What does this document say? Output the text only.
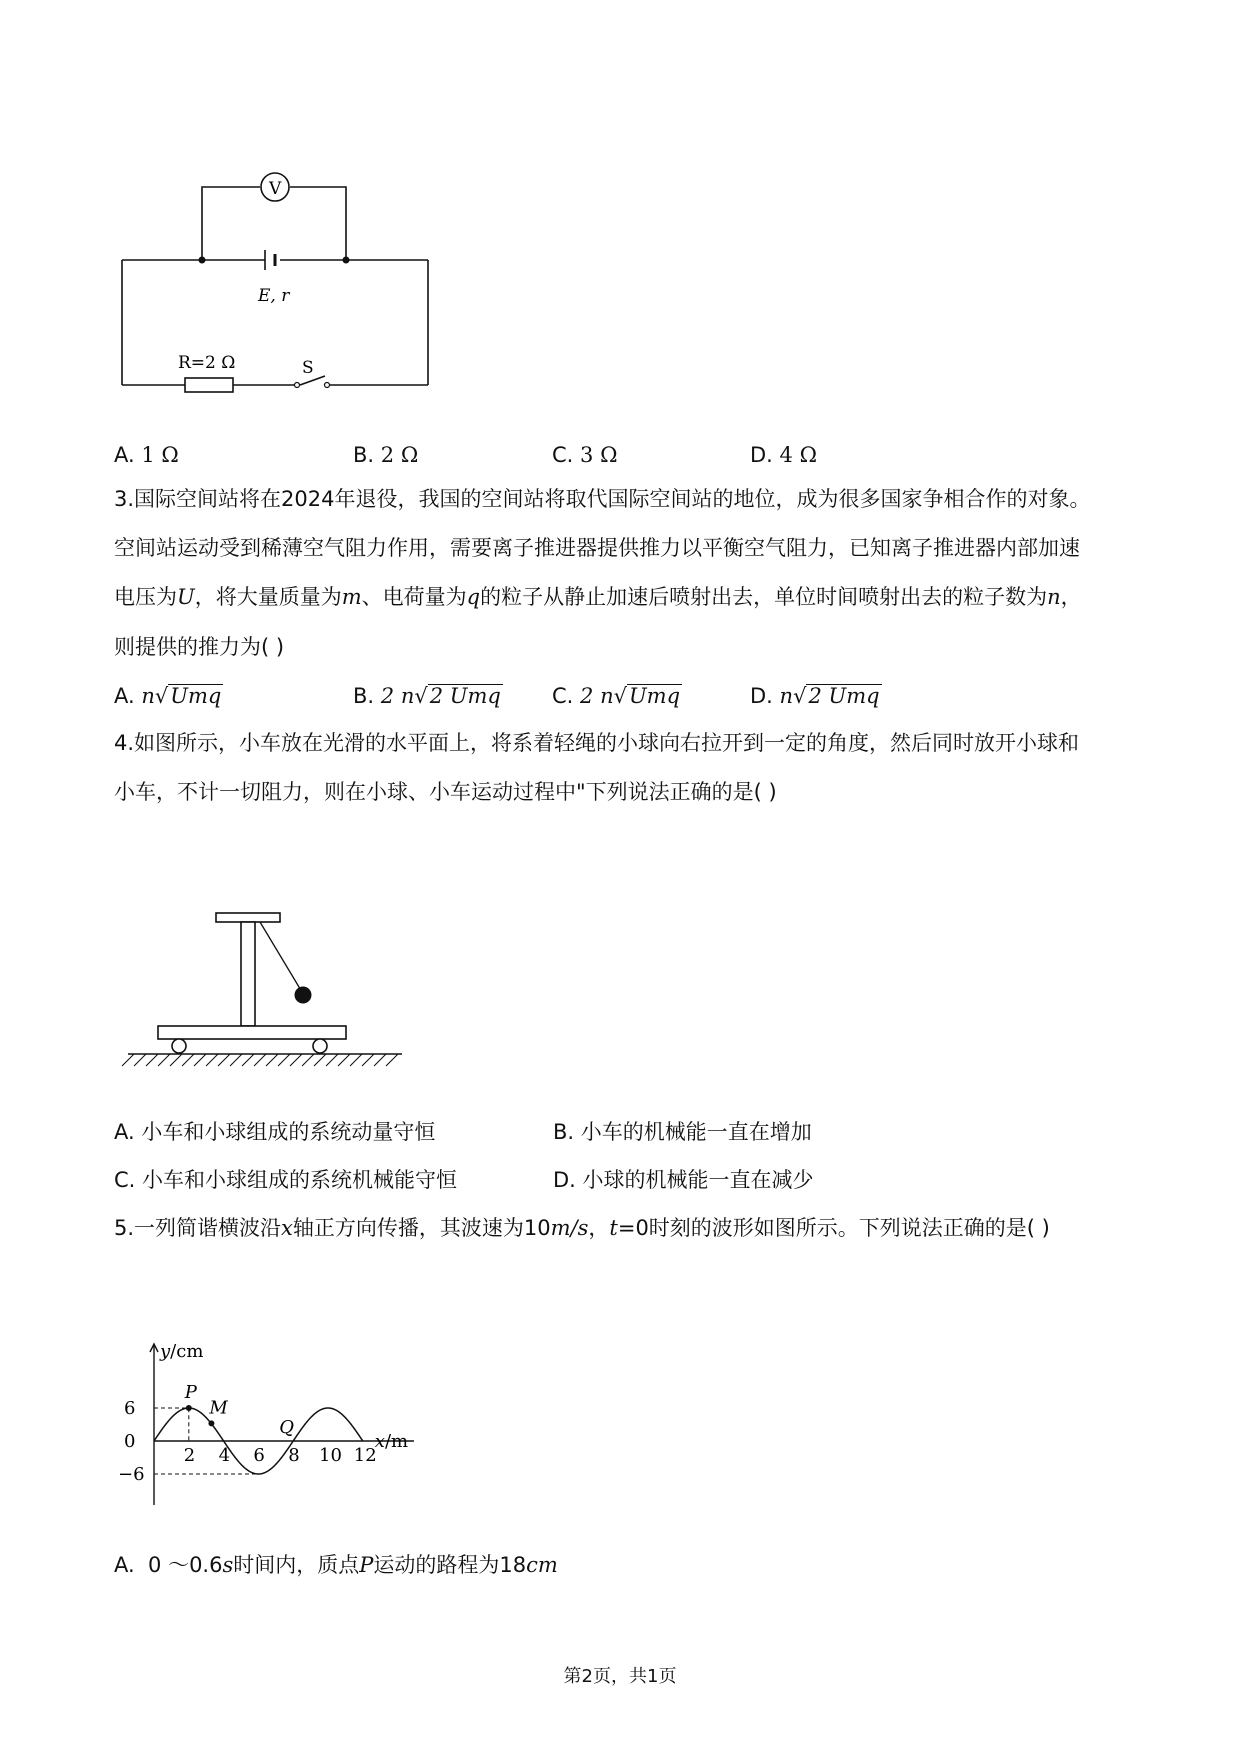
V
E, r
R=2 Ω	S
A. 1 Ω	B. 2 Ω	C. 3 Ω	D. 4 Ω
3.国际空间站将在2024年退役，我国的空间站将取代国际空间站的地位，成为很多国家争相合作的对象。
空间站运动受到稀薄空气阻力作用，需要离子推进器提供推力以平衡空气阻力，已知离子推进器内部加速
电压为U，将大量质量为m、电荷量为q的粒子从静止加速后喷射出去，单位时间喷射出去的粒子数为n，
则提供的推力为( )
A. n√Umq	B. 2 n√2 Umq C. 2 n√Umq	D. n√2 Umq
4.如图所示，小车放在光滑的水平面上，将系着轻绳的小球向右拉开到一定的角度，然后同时放开小球和
小车，不计一切阻力，则在小球、小车运动过程中"下列说法正确的是( )
A. 小车和小球组成的系统动量守恒	B. 小车的机械能一直在增加
C. 小车和小球组成的系统机械能守恒	D. 小球的机械能一直在减少
5.一列简谐横波沿x轴正方向传播，其波速为10m/s，t=0时刻的波形如图所示。下列说法正确的是( )
6
0
−6
2 4 6 8 10 12
x/m
P
M
Q
y/cm
A. 0 ～0.6s时间内，质点P运动的路程为18cm
第2页，共1页
